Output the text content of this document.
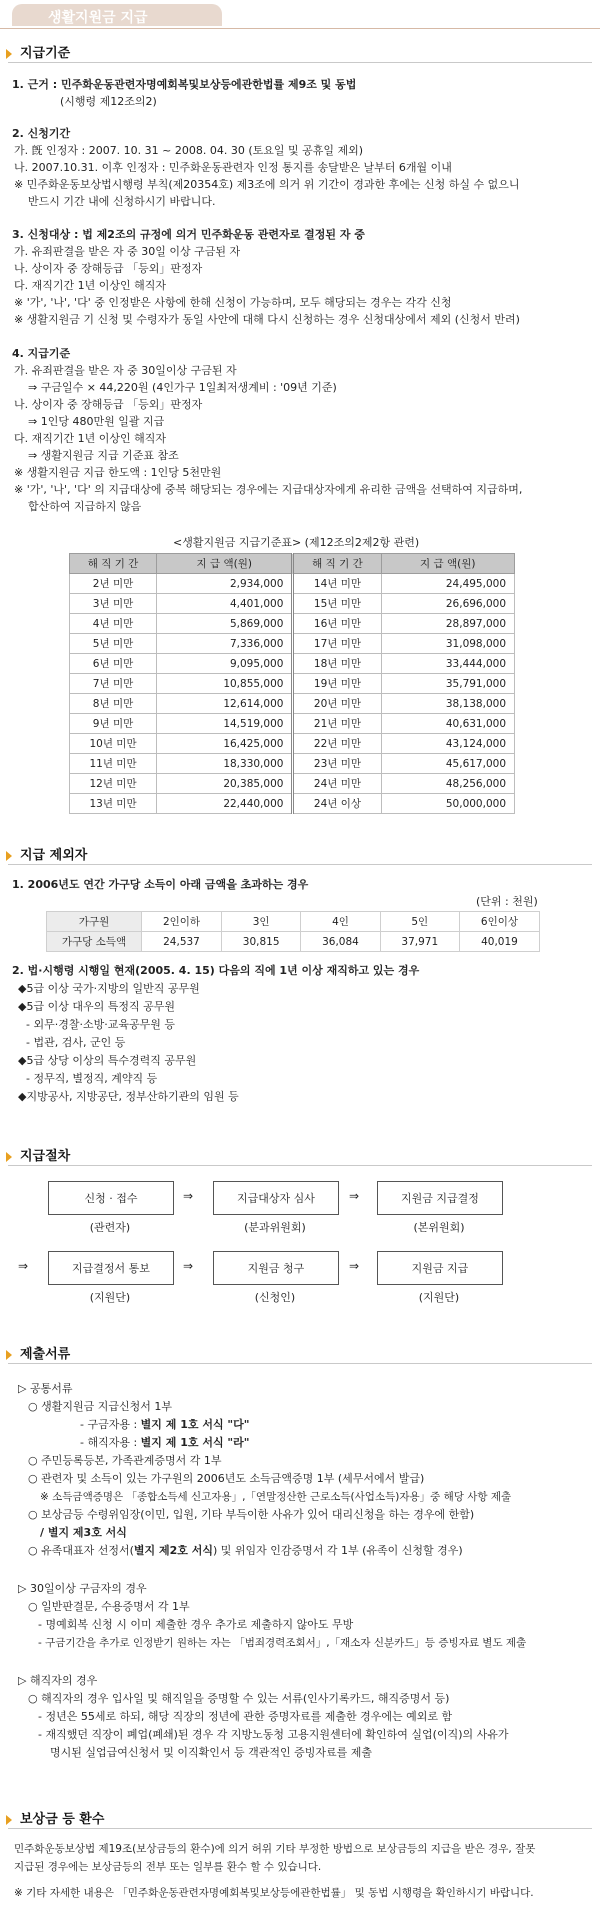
생활지원금 지급
지급기준
1. 근거 : 민주화운동관련자명예회복및보상등에관한법률 제9조 및 동법
(시행령 제12조의2)
2. 신청기간
가. 旣 인정자 : 2007. 10. 31 ~ 2008. 04. 30 (토요일 및 공휴일 제외)
나. 2007.10.31. 이후 인정자 : 민주화운동관련자 인정 통지를 송달받은 날부터 6개월 이내
※ 민주화운동보상법시행령 부칙(제20354호) 제3조에 의거 위 기간이 경과한 후에는 신청 하실 수 없으니
반드시 기간 내에 신청하시기 바랍니다.
3. 신청대상 : 법 제2조의 규정에 의거 민주화운동 관련자로 결정된 자 중
가. 유죄판결을 받은 자 중 30일 이상 구금된 자
나. 상이자 중 장해등급 「등외」판정자
다. 재직기간 1년 이상인 해직자
※ '가', '나', '다' 중 인정받은 사항에 한해 신청이 가능하며, 모두 해당되는 경우는 각각 신청
※ 생활지원금 기 신청 및 수령자가 동일 사안에 대해 다시 신청하는 경우 신청대상에서 제외 (신청서 반려)
4. 지급기준
가. 유죄판결을 받은 자 중 30일이상 구금된 자
⇒ 구금일수 × 44,220원 (4인가구 1일최저생계비 : '09년 기준)
나. 상이자 중 장해등급 「등외」판정자
⇒ 1인당 480만원 일괄 지급
다. 재직기간 1년 이상인 해직자
⇒ 생활지원금 지급 기준표 참조
※ 생활지원금 지급 한도액 : 1인당 5천만원
※ '가', '나', '다' 의 지급대상에 중복 해당되는 경우에는 지급대상자에게 유리한 금액을 선택하여 지급하며,
합산하여 지급하지 않음
<생활지원금 지급기준표> (제12조의2제2항 관련)
해 직 기 간	지 급 액(원)	해 직 기 간	지 급 액(원)
2년 미만	2,934,000	14년 미만	24,495,000
3년 미만	4,401,000	15년 미만	26,696,000
4년 미만	5,869,000	16년 미만	28,897,000
5년 미만	7,336,000	17년 미만	31,098,000
6년 미만	9,095,000	18년 미만	33,444,000
7년 미만	10,855,000	19년 미만	35,791,000
8년 미만	12,614,000	20년 미만	38,138,000
9년 미만	14,519,000	21년 미만	40,631,000
10년 미만	16,425,000	22년 미만	43,124,000
11년 미만	18,330,000	23년 미만	45,617,000
12년 미만	20,385,000	24년 미만	48,256,000
13년 미만	22,440,000	24년 이상	50,000,000
지급 제외자
1. 2006년도 연간 가구당 소득이 아래 금액을 초과하는 경우
(단위 : 천원)
가구원	2인이하	3인	4인	5인	6인이상
가구당 소득액	24,537	30,815	36,084	37,971	40,019
2. 법·시행령 시행일 현재(2005. 4. 15) 다음의 직에 1년 이상 재직하고 있는 경우
◆5급 이상 국가·지방의 일반직 공무원
◆5급 이상 대우의 특정직 공무원
- 외무·경찰·소방·교육공무원 등
- 법관, 검사, 군인 등
◆5급 상당 이상의 특수경력직 공무원
- 정무직, 별정직, 계약직 등
◆지방공사, 지방공단, 정부산하기관의 임원 등
지급절차
신청 · 접수	⇒	지급대상자 심사	⇒	지원금 지급결정
(관련자)	(분과위원회)	(본위원회)
⇒	지급결정서 통보	⇒	지원금 청구	⇒	지원금 지급
(지원단)	(신청인)	(지원단)
제출서류
▷ 공통서류
○ 생활지원금 지급신청서 1부
- 구금자용 : 별지 제 1호 서식 "다"
- 해직자용 : 별지 제 1호 서식 "라"
○ 주민등록등본, 가족관계증명서 각 1부
○ 관련자 및 소득이 있는 가구원의 2006년도 소득금액증명 1부 (세무서에서 발급)
※ 소득금액증명은 「종합소득세 신고자용」,「연말정산한 근로소득(사업소득)자용」중 해당 사항 제출
○ 보상금등 수령위임장(이민, 입원, 기타 부득이한 사유가 있어 대리신청을 하는 경우에 한함)
/ 별지 제3호 서식
○ 유족대표자 선정서(별지 제2호 서식) 및 위임자 인감증명서 각 1부 (유족이 신청할 경우)
▷ 30일이상 구금자의 경우
○ 일반판결문, 수용증명서 각 1부
- 명예회복 신청 시 이미 제출한 경우 추가로 제출하지 않아도 무방
- 구금기간을 추가로 인정받기 원하는 자는 「범죄경력조회서」,「재소자 신분카드」등 증빙자료 별도 제출
▷ 해직자의 경우
○ 해직자의 경우 입사일 및 해직일을 증명할 수 있는 서류(인사기록카드, 해직증명서 등)
- 정년은 55세로 하되, 해당 직장의 정년에 관한 증명자료를 제출한 경우에는 예외로 함
- 재직했던 직장이 폐업(폐쇄)된 경우 각 지방노동청 고용지원센터에 확인하여 실업(이직)의 사유가
명시된 실업급여신청서 및 이직확인서 등 객관적인 증빙자료를 제출
보상금 등 환수
민주화운동보상법 제19조(보상금등의 환수)에 의거 허위 기타 부정한 방법으로 보상금등의 지급을 받은 경우, 잘못
지급된 경우에는 보상금등의 전부 또는 일부를 환수 할 수 있습니다.
※ 기타 자세한 내용은 「민주화운동관련자명예회복및보상등에관한법률」 및 동법 시행령을 확인하시기 바랍니다.
